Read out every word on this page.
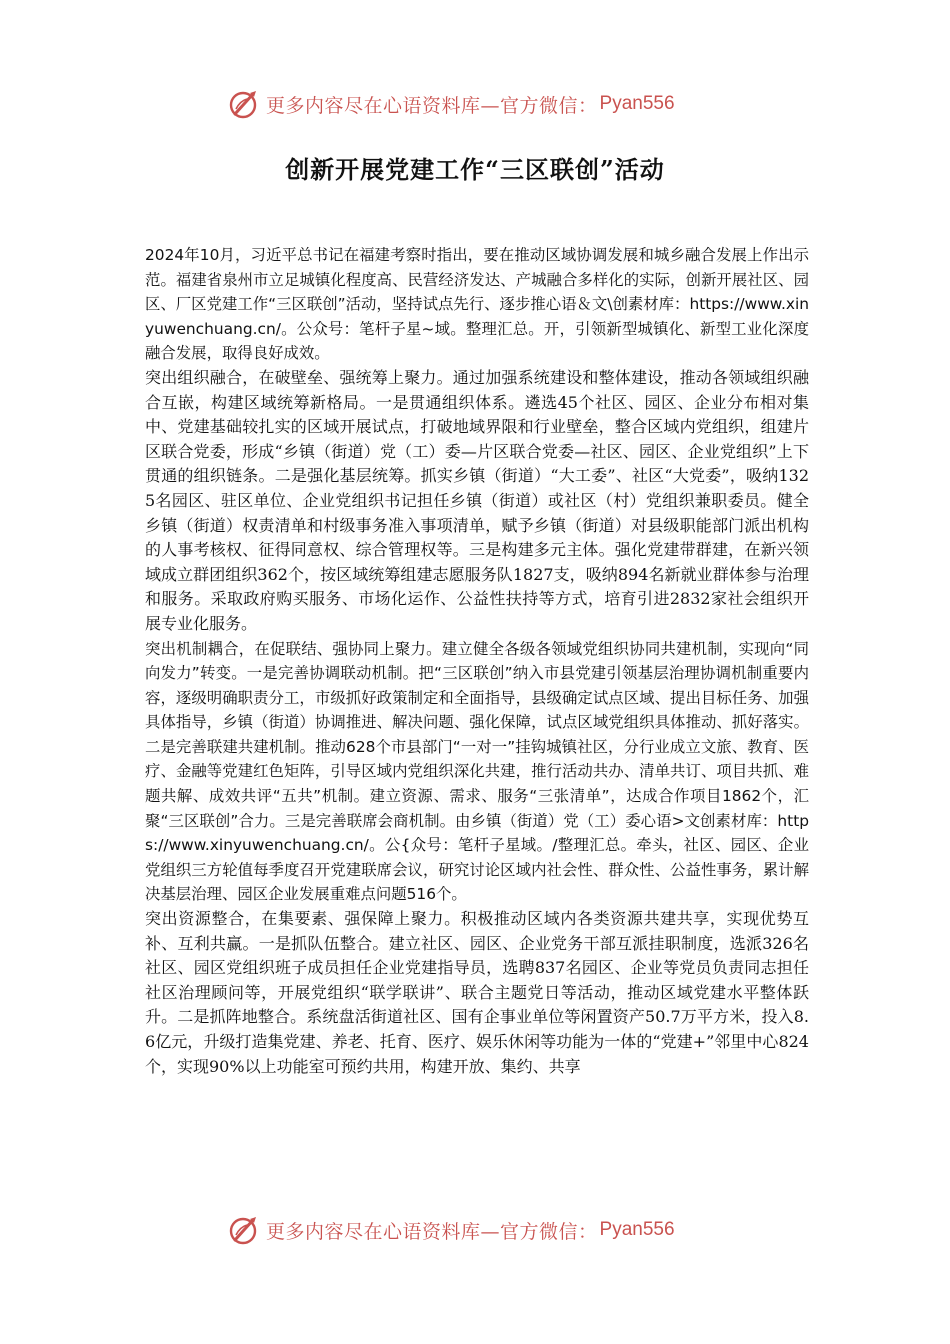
更多内容尽在心语资料库—官方微信： Pyan556
创新开展党建工作“三区联创”活动

2024年10月，习近平总书记在福建考察时指出，要在推动区域协调发展和城乡融合发展上作出示范。福建省泉州市立足城镇化程度高、民营经济发达、产城融合多样化的实际，创新开展社区、园区、厂区党建工作“三区联创”活动，坚持试点先行、逐步推心语＆文\创素材库：https://www.xinyuwenchuang.cn/。公众号：笔杆子星~域。整理汇总。开，引领新型城镇化、新型工业化深度融合发展，取得良好成效。

突出组织融合，在破壁垒、强统筹上聚力。通过加强系统建设和整体建设，推动各领域组织融合互嵌，构建区域统筹新格局。一是贯通组织体系。遴选45个社区、园区、企业分布相对集中、党建基础较扎实的区域开展试点，打破地域界限和行业壁垒，整合区域内党组织，组建片区联合党委，形成“乡镇（街道）党（工）委—片区联合党委—社区、园区、企业党组织”上下贯通的组织链条。二是强化基层统筹。抓实乡镇（街道）“大工委”、社区“大党委”，吸纳1325名园区、驻区单位、企业党组织书记担任乡镇（街道）或社区（村）党组织兼职委员。健全乡镇（街道）权责清单和村级事务准入事项清单，赋予乡镇（街道）对县级职能部门派出机构的人事考核权、征得同意权、综合管理权等。三是构建多元主体。强化党建带群建，在新兴领域成立群团组织362个，按区域统筹组建志愿服务队1827支，吸纳894名新就业群体参与治理和服务。采取政府购买服务、市场化运作、公益性扶持等方式，培育引进2832家社会组织开展专业化服务。

突出机制耦合，在促联结、强协同上聚力。建立健全各级各领域党组织协同共建机制，实现向“同向发力”转变。一是完善协调联动机制。把“三区联创”纳入市县党建引领基层治理协调机制重要内容，逐级明确职责分工，市级抓好政策制定和全面指导，县级确定试点区域、提出目标任务、加强具体指导，乡镇（街道）协调推进、解决问题、强化保障，试点区域党组织具体推动、抓好落实。二是完善联建共建机制。推动628个市县部门“一对一”挂钩城镇社区，分行业成立文旅、教育、医疗、金融等党建红色矩阵，引导区域内党组织深化共建，推行活动共办、清单共订、项目共抓、难题共解、成效共评“五共”机制。建立资源、需求、服务“三张清单”，达成合作项目1862个，汇聚“三区联创”合力。三是完善联席会商机制。由乡镇（街道）党（工）委心语>文创素材库：https://www.xinyuwenchuang.cn/。公{众号：笔杆子星域。/整理汇总。牵头，社区、园区、企业党组织三方轮值每季度召开党建联席会议，研究讨论区域内社会性、群众性、公益性事务，累计解决基层治理、园区企业发展重难点问题516个。

突出资源整合，在集要素、强保障上聚力。积极推动区域内各类资源共建共享，实现优势互补、互利共赢。一是抓队伍整合。建立社区、园区、企业党务干部互派挂职制度，选派326名社区、园区党组织班子成员担任企业党建指导员，选聘837名园区、企业等党员负责同志担任社区治理顾问等，开展党组织“联学联讲”、联合主题党日等活动，推动区域党建水平整体跃升。二是抓阵地整合。系统盘活街道社区、国有企事业单位等闲置资产50.7万平方米，投入8.6亿元，升级打造集党建、养老、托育、医疗、娱乐休闲等功能为一体的“党建+”邻里中心824个，实现90%以上功能室可预约共用，构建开放、集约、共享

更多内容尽在心语资料库—官方微信： Pyan556
